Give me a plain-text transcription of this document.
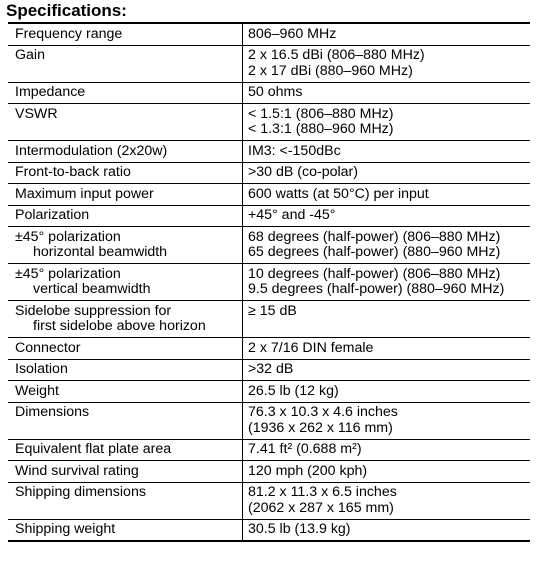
Specifications:
Frequency range	806–960 MHz

Gain	2 x 16.5 dBi (806–880 MHz)
2 x 17 dBi (880–960 MHz)

Impedance	50 ohms

VSWR	< 1.5:1 (806–880 MHz)
< 1.3:1 (880–960 MHz)

Intermodulation (2x20w)	IM3: <-150dBc

Front-to-back ratio	>30 dB (co-polar)

Maximum input power	600 watts (at 50°C) per input

Polarization	+45° and -45°

±45° polarization
horizontal beamwidth	68 degrees (half-power) (806–880 MHz)
65 degrees (half-power) (880–960 MHz)

±45° polarization
vertical beamwidth	10 degrees (half-power) (806–880 MHz)
9.5 degrees (half-power) (880–960 MHz)

Sidelobe suppression for
first sidelobe above horizon	≥ 15 dB

Connector	2 x 7/16 DIN female

Isolation	>32 dB

Weight	26.5 lb (12 kg)

Dimensions	76.3 x 10.3 x 4.6 inches
(1936 x 262 x 116 mm)

Equivalent flat plate area	7.41 ft² (0.688 m²)

Wind survival rating	120 mph (200 kph)

Shipping dimensions	81.2 x 11.3 x 6.5 inches
(2062 x 287 x 165 mm)

Shipping weight	30.5 lb (13.9 kg)
